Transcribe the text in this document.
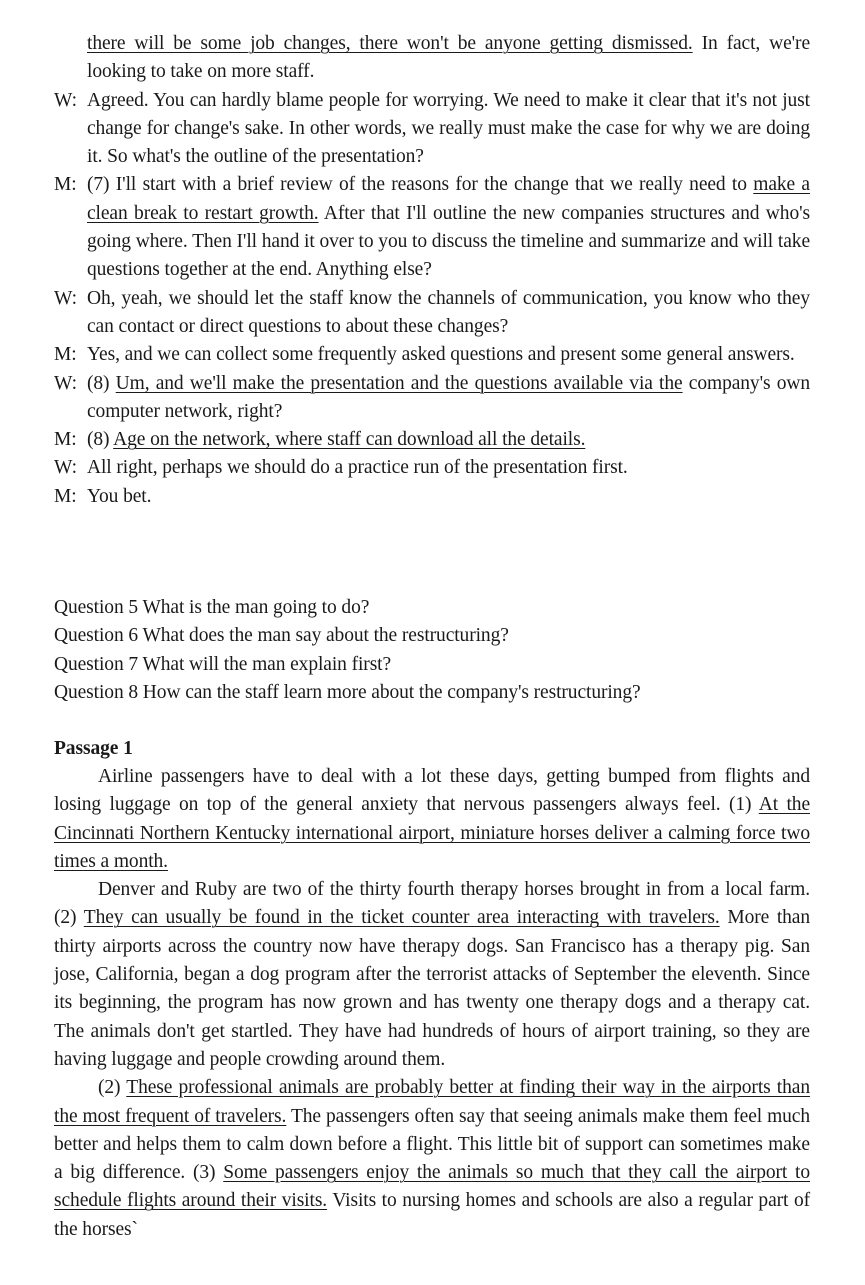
there will be some job changes, there won't be anyone getting dismissed. In fact, we're looking to take on more staff.
W: Agreed. You can hardly blame people for worrying. We need to make it clear that it's not just change for change's sake. In other words, we really must make the case for why we are doing it. So what's the outline of the presentation?
M: (7) I'll start with a brief review of the reasons for the change that we really need to make a clean break to restart growth. After that I'll outline the new companies structures and who's going where. Then I'll hand it over to you to discuss the timeline and summarize and will take questions together at the end. Anything else?
W: Oh, yeah, we should let the staff know the channels of communication, you know who they can contact or direct questions to about these changes?
M: Yes, and we can collect some frequently asked questions and present some general answers.
W: (8) Um, and we'll make the presentation and the questions available via the company's own computer network, right?
M: (8) Age on the network, where staff can download all the details.
W: All right, perhaps we should do a practice run of the presentation first.
M: You bet.
Question 5 What is the man going to do?
Question 6 What does the man say about the restructuring?
Question 7 What will the man explain first?
Question 8 How can the staff learn more about the company's restructuring?
Passage 1

Airline passengers have to deal with a lot these days, getting bumped from flights and losing luggage on top of the general anxiety that nervous passengers always feel. (1) At the Cincinnati Northern Kentucky international airport, miniature horses deliver a calming force two times a month.

Denver and Ruby are two of the thirty fourth therapy horses brought in from a local farm. (2) They can usually be found in the ticket counter area interacting with travelers. More than thirty airports across the country now have therapy dogs. San Francisco has a therapy pig. San jose, California, began a dog program after the terrorist attacks of September the eleventh. Since its beginning, the program has now grown and has twenty one therapy dogs and a therapy cat. The animals don't get startled. They have had hundreds of hours of airport training, so they are having luggage and people crowding around them.

(2) These professional animals are probably better at finding their way in the airports than the most frequent of travelers. The passengers often say that seeing animals make them feel much better and helps them to calm down before a flight. This little bit of support can sometimes make a big difference. (3) Some passengers enjoy the animals so much that they call the airport to schedule flights around their visits. Visits to nursing homes and schools are also a regular part of the horses`
